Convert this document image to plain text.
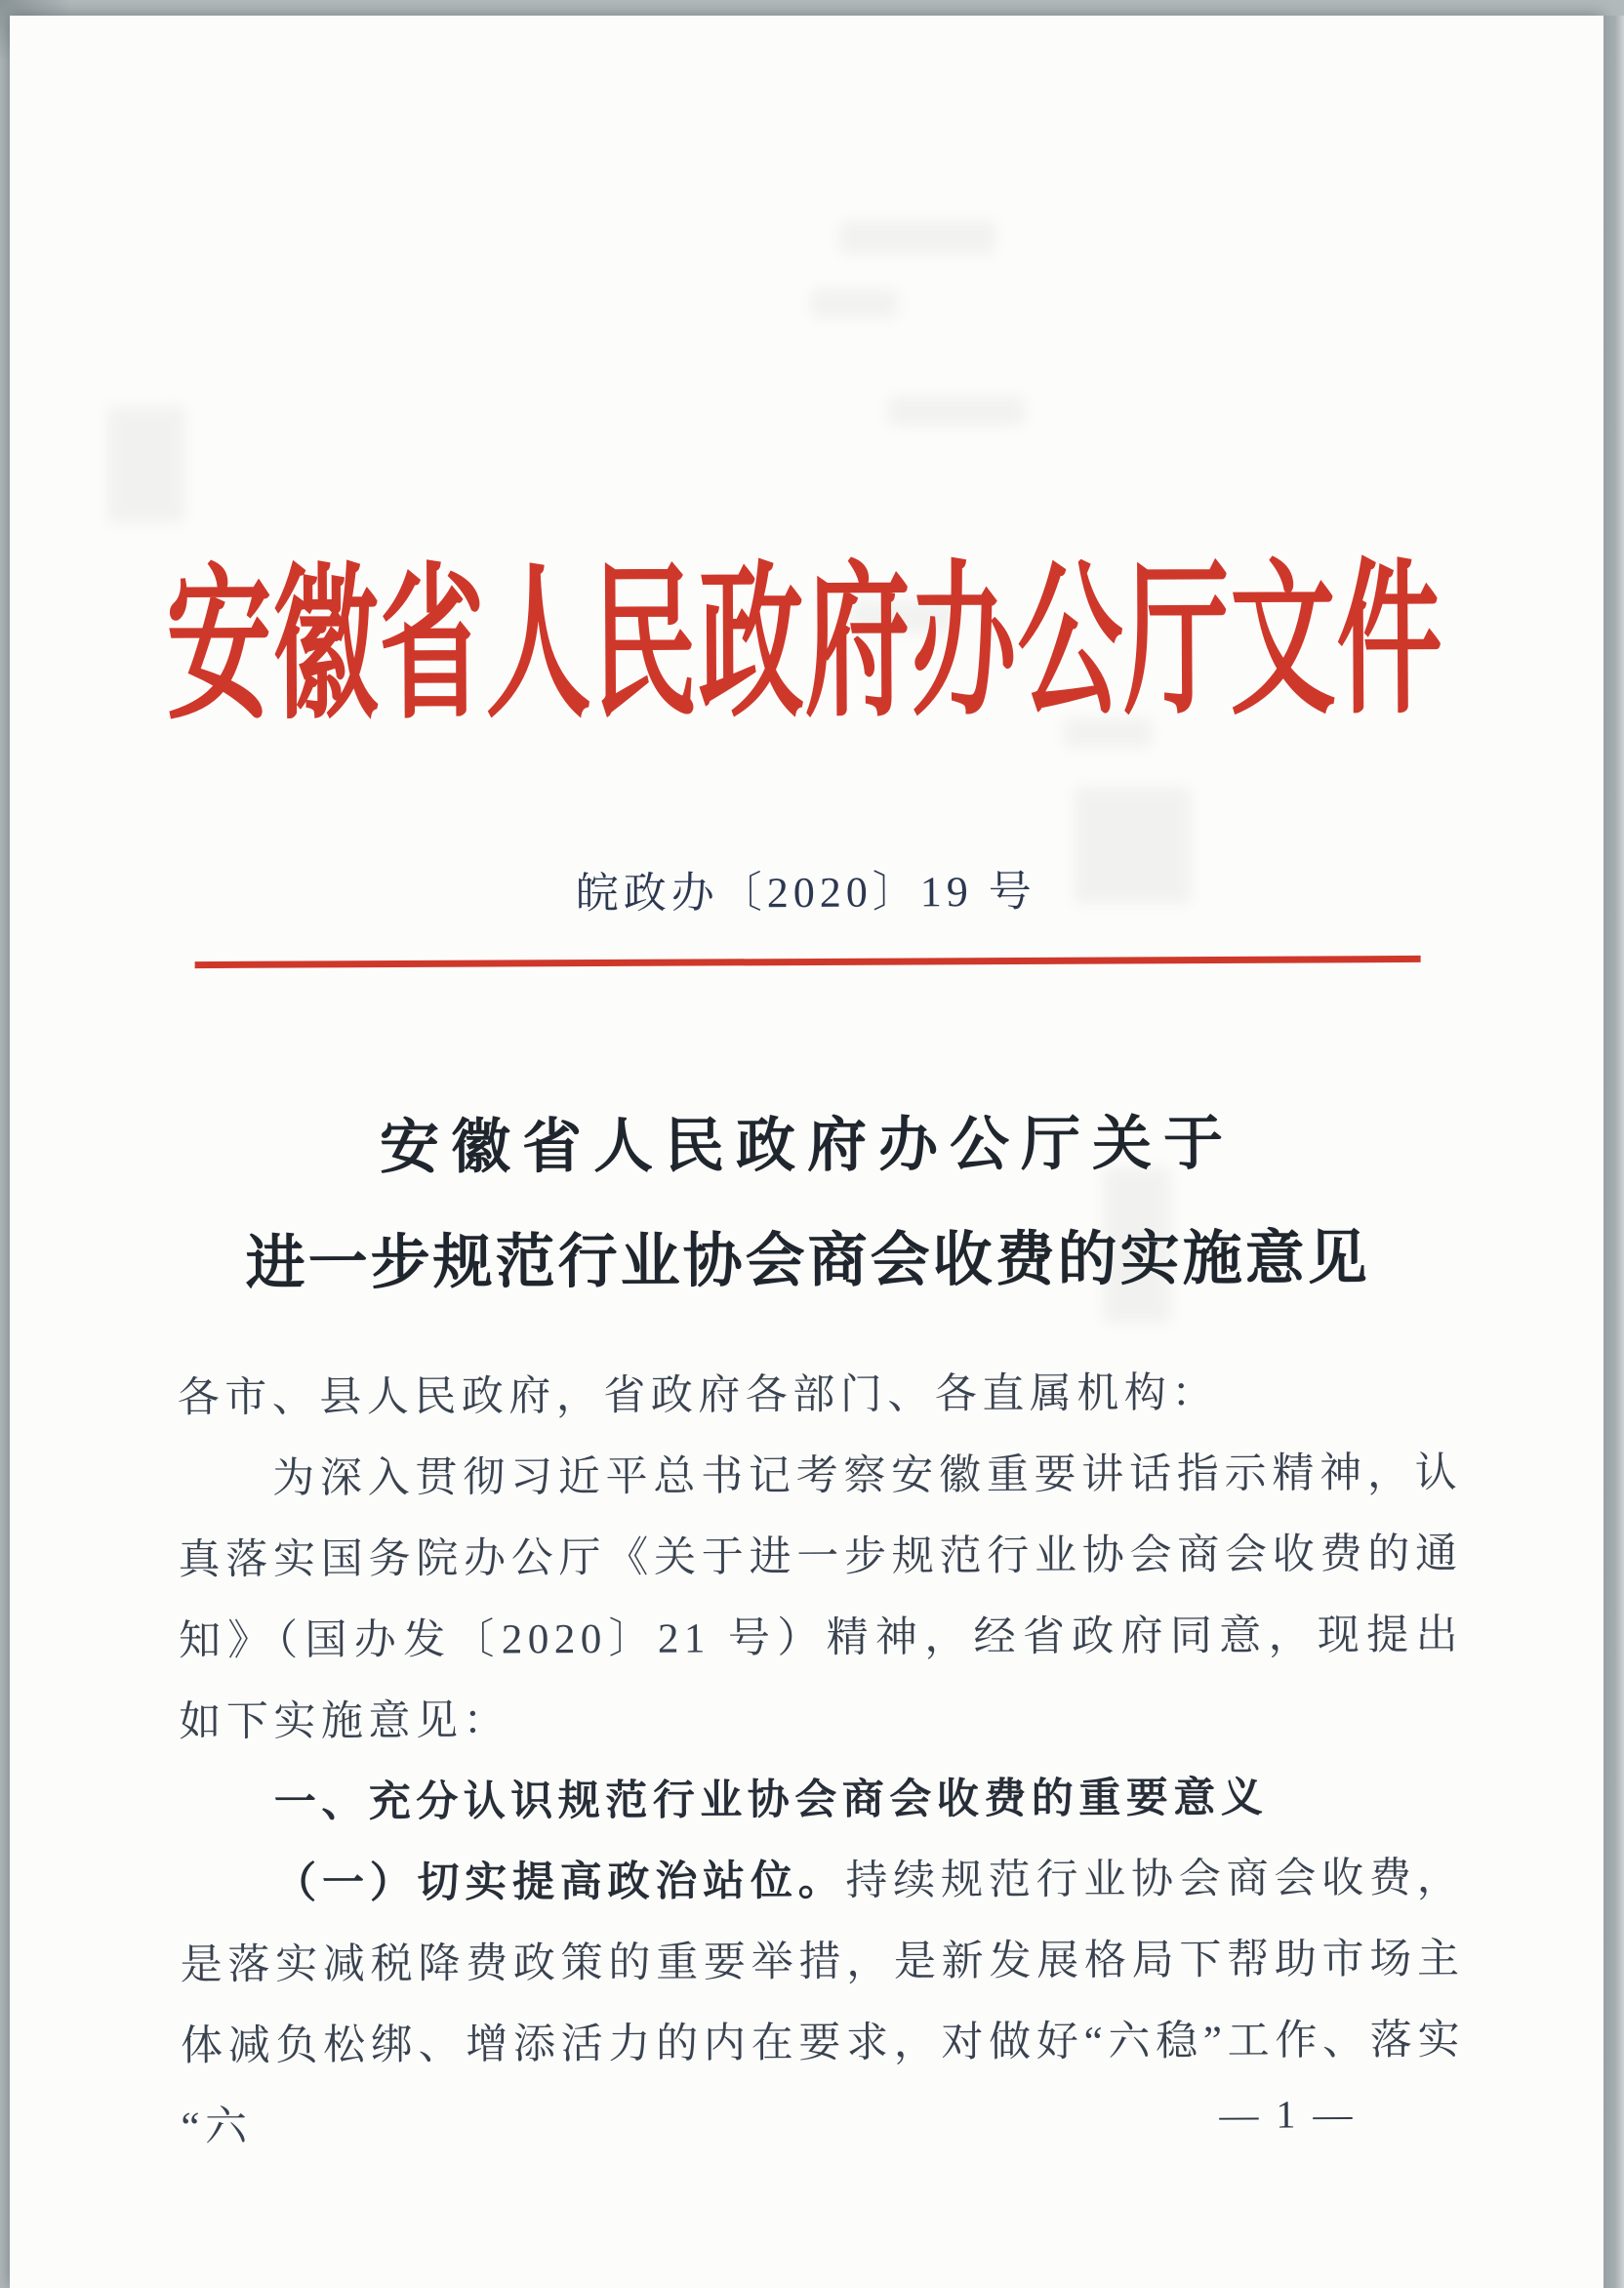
安徽省人民政府办公厅文件
皖政办〔2020〕19 号
安徽省人民政府办公厅关于
进一步规范行业协会商会收费的实施意见

各市、县人民政府，省政府各部门、各直属机构：

为深入贯彻习近平总书记考察安徽重要讲话指示精神，认真落实国务院办公厅《关于进一步规范行业协会商会收费的通知》（国办发〔2020〕21 号）精神，经省政府同意，现提出如下实施意见：

一、充分认识规范行业协会商会收费的重要意义

（一）切实提高政治站位。持续规范行业协会商会收费，是落实减税降费政策的重要举措，是新发展格局下帮助市场主体减负松绑、增添活力的内在要求，对做好“六稳”工作、落实“六	— 1 —
